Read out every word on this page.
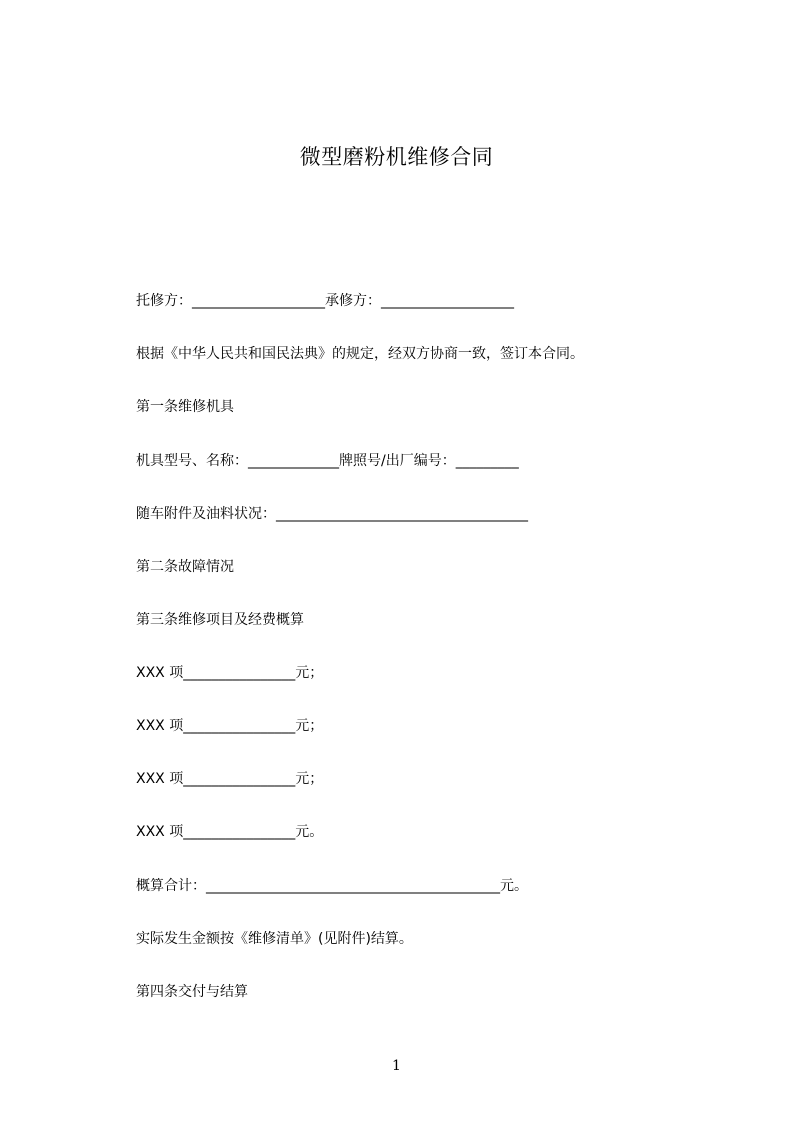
微型磨粉机维修合同
托修方：___________________承修方：___________________
根据《中华人民共和国民法典》的规定，经双方协商一致，签订本合同。
第一条维修机具
机具型号、名称：_____________牌照号/出厂编号：_________
随车附件及油料状况：____________________________________
第二条故障情况
第三条维修项目及经费概算
XXX 项________________元；
XXX 项________________元；
XXX 项________________元；
XXX 项________________元。
概算合计：__________________________________________元。
实际发生金额按《维修清单》(见附件)结算。
第四条交付与结算
1
